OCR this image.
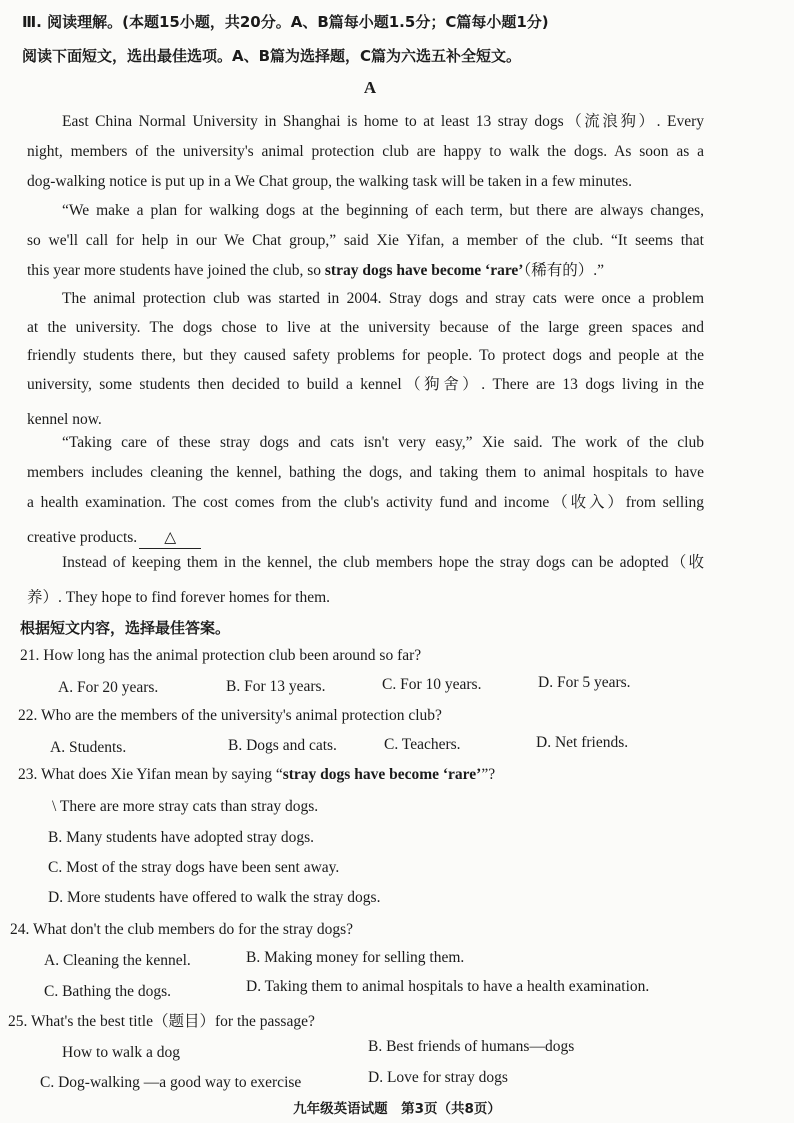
Ⅲ. 阅读理解。(本题15小题，共20分。A、B篇每小题1.5分；C篇每小题1分)
阅读下面短文，选出最佳选项。A、B篇为选择题，C篇为六选五补全短文。
A
East China Normal University in Shanghai is home to at least 13 stray dogs（流浪狗）. Every
night, members of the university's animal protection club are happy to walk the dogs. As soon as a
dog-walking notice is put up in a We Chat group, the walking task will be taken in a few minutes.
“We make a plan for walking dogs at the beginning of each term, but there are always changes,
so we'll call for help in our We Chat group,” said Xie Yifan, a member of the club. “It seems that
this year more students have joined the club, so stray dogs have become ‘rare’（稀有的）.”
The animal protection club was started in 2004. Stray dogs and stray cats were once a problem
at the university. The dogs chose to live at the university because of the large green spaces and
friendly students there, but they caused safety problems for people. To protect dogs and people at the
university, some students then decided to build a kennel（狗舍）. There are 13 dogs living in the
kennel now.
“Taking care of these stray dogs and cats isn't very easy,” Xie said. The work of the club
members includes cleaning the kennel, bathing the dogs, and taking them to animal hospitals to have
a health examination. The cost comes from the club's activity fund and income（收入）from selling
creative products. △
Instead of keeping them in the kennel, the club members hope the stray dogs can be adopted（收
养）. They hope to find forever homes for them.
根据短文内容，选择最佳答案。
21. How long has the animal protection club been around so far?
A. For 20 years.	B. For 13 years.	C. For 10 years.	D. For 5 years.
22. Who are the members of the university's animal protection club?
A. Students.	B. Dogs and cats.	C. Teachers.	D. Net friends.
23. What does Xie Yifan mean by saying “stray dogs have become ‘rare’”?
\ There are more stray cats than stray dogs.
B. Many students have adopted stray dogs.
C. Most of the stray dogs have been sent away.
D. More students have offered to walk the stray dogs.
24. What don't the club members do for the stray dogs?
A. Cleaning the kennel.	B. Making money for selling them.
C. Bathing the dogs.	D. Taking them to animal hospitals to have a health examination.
25. What's the best title（题目）for the passage?
How to walk a dog	B. Best friends of humans—dogs
C. Dog-walking —a good way to exercise	D. Love for stray dogs
九年级英语试题　第3页（共8页）
